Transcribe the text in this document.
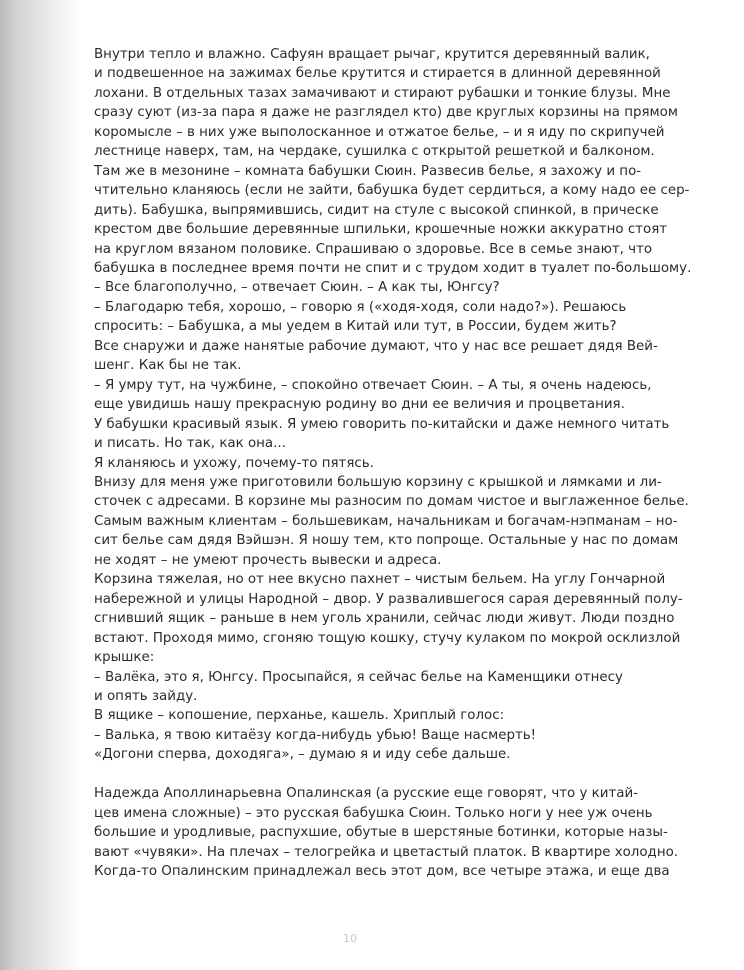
Внутри тепло и влажно. Сафуян вращает рычаг, крутится деревянный валик,
и подвешенное на зажимах белье крутится и стирается в длинной деревянной
лохани. В отдельных тазах замачивают и стирают рубашки и тонкие блузы. Мне
сразу суют (из-за пара я даже не разглядел кто) две круглых корзины на прямом
коромысле – в них уже выполосканное и отжатое белье, – и я иду по скрипучей
лестнице наверх, там, на чердаке, сушилка с открытой решеткой и балконом.

Там же в мезонине – комната бабушки Сюин. Развесив белье, я захожу и по-
чтительно кланяюсь (если не зайти, бабушка будет сердиться, а кому надо ее сер-
дить). Бабушка, выпрямившись, сидит на стуле с высокой спинкой, в прическе
крестом две большие деревянные шпильки, крошечные ножки аккуратно стоят
на круглом вязаном половике. Спрашиваю о здоровье. Все в семье знают, что
бабушка в последнее время почти не спит и с трудом ходит в туалет по-большому.

– Все благополучно, – отвечает Сюин. – А как ты, Юнгсу?

– Благодарю тебя, хорошо, – говорю я («ходя-ходя, соли надо?»). Решаюсь
спросить: – Бабушка, а мы уедем в Китай или тут, в России, будем жить?

Все снаружи и даже нанятые рабочие думают, что у нас все решает дядя Вей-
шенг. Как бы не так.

– Я умру тут, на чужбине, – спокойно отвечает Сюин. – А ты, я очень надеюсь,
еще увидишь нашу прекрасную родину во дни ее величия и процветания.

У бабушки красивый язык. Я умею говорить по-китайски и даже немного читать
и писать. Но так, как она...

Я кланяюсь и ухожу, почему-то пятясь.

Внизу для меня уже приготовили большую корзину с крышкой и лямками и ли-
сточек с адресами. В корзине мы разносим по домам чистое и выглаженное белье.
Самым важным клиентам – большевикам, начальникам и богачам-нэпманам – но-
сит белье сам дядя Вэйшэн. Я ношу тем, кто попроще. Остальные у нас по домам
не ходят – не умеют прочесть вывески и адреса.

Корзина тяжелая, но от нее вкусно пахнет – чистым бельем. На углу Гончарной
набережной и улицы Народной – двор. У развалившегося сарая деревянный полу-
сгнивший ящик – раньше в нем уголь хранили, сейчас люди живут. Люди поздно
встают. Проходя мимо, сгоняю тощую кошку, стучу кулаком по мокрой осклизлой
крышке:

– Валёка, это я, Юнгсу. Просыпайся, я сейчас белье на Каменщики отнесу
и опять зайду.

В ящике – копошение, перханье, кашель. Хриплый голос:

– Валька, я твою китаёзу когда-нибудь убью! Ваще насмерть!

«Догони сперва, доходяга», – думаю я и иду себе дальше.

Надежда Аполлинарьевна Опалинская (а русские еще говорят, что у китай-
цев имена сложные) – это русская бабушка Сюин. Только ноги у нее уж очень
большие и уродливые, распухшие, обутые в шерстяные ботинки, которые назы-
вают «чувяки». На плечах – телогрейка и цветастый платок. В квартире холодно.
Когда-то Опалинским принадлежал весь этот дом, все четыре этажа, и еще два

10
